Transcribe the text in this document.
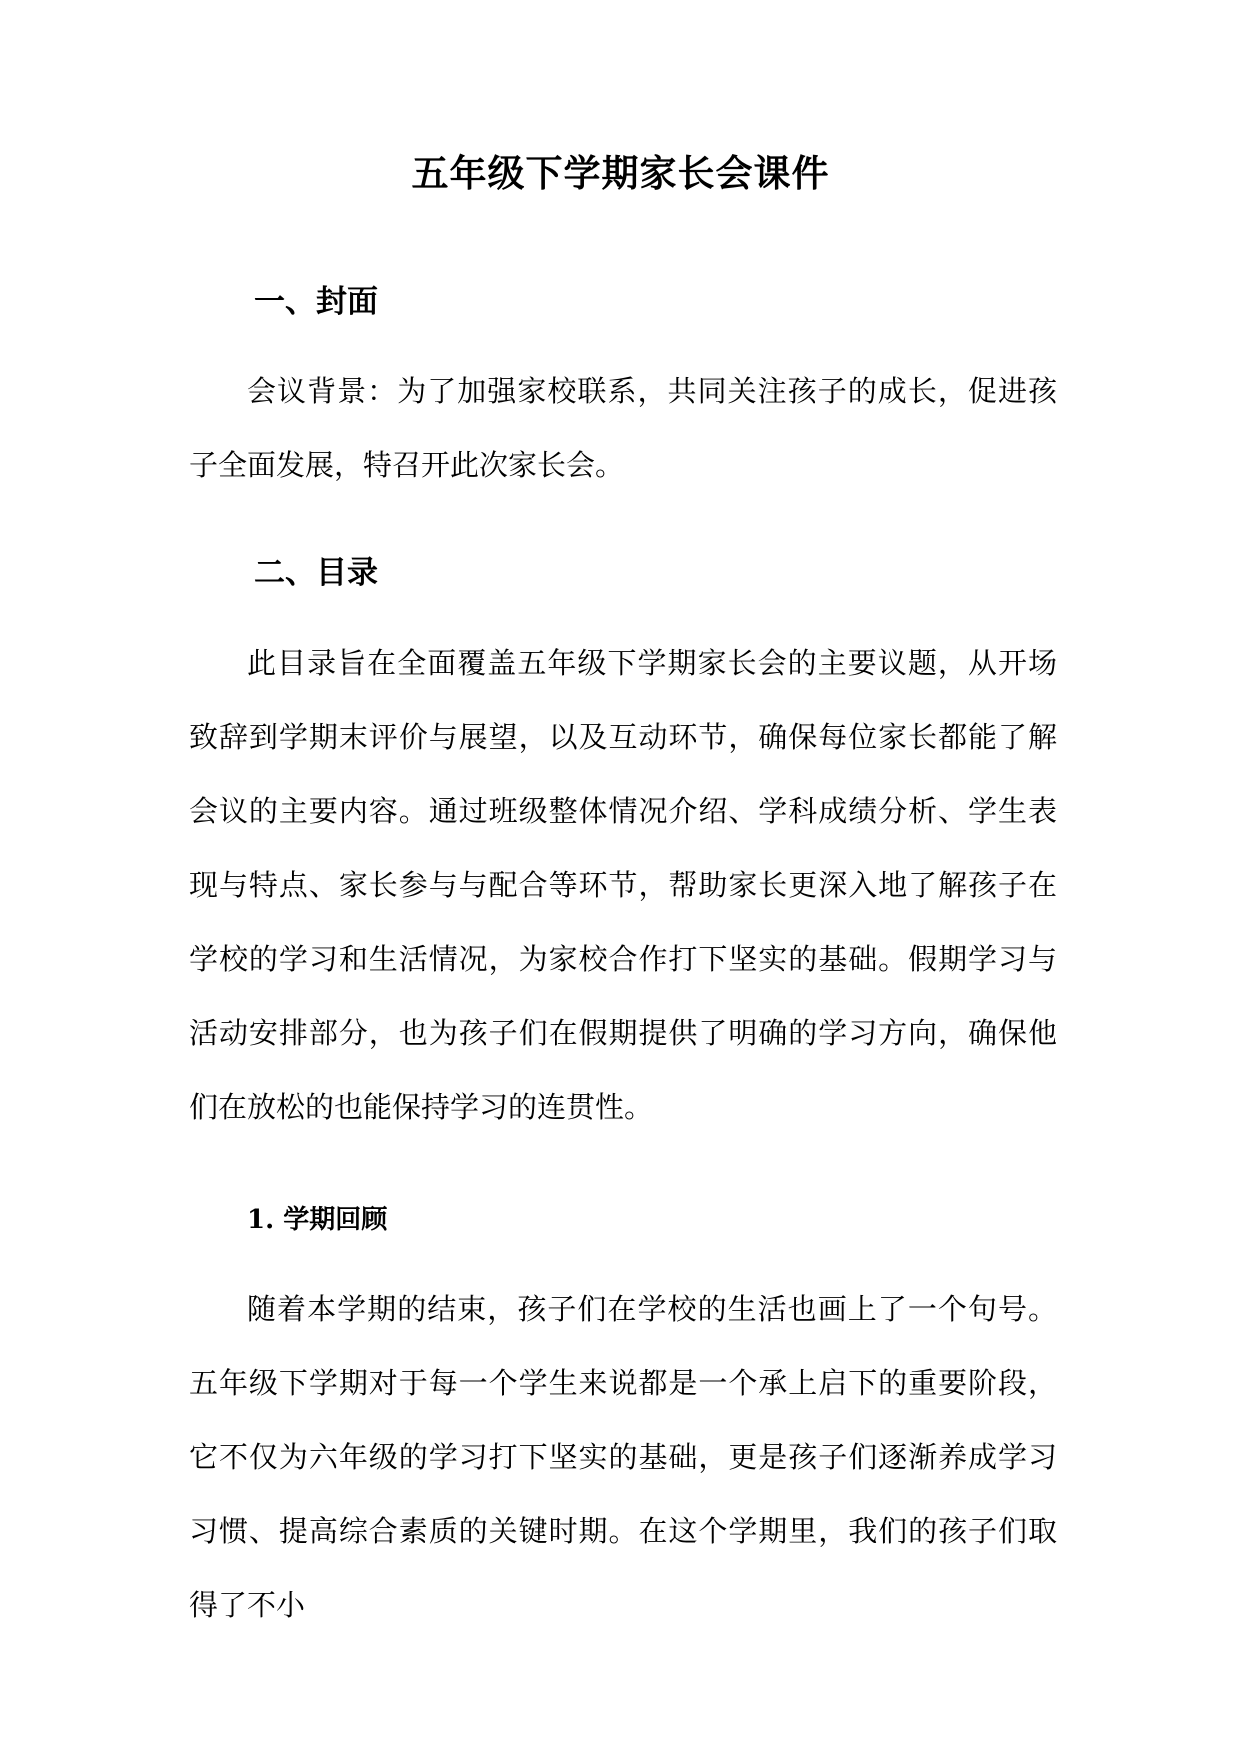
五年级下学期家长会课件
一、封面

会议背景：为了加强家校联系，共同关注孩子的成长，促进孩子全面发展，特召开此次家长会。

二、目录

此目录旨在全面覆盖五年级下学期家长会的主要议题，从开场致辞到学期末评价与展望，以及互动环节，确保每位家长都能了解会议的主要内容。通过班级整体情况介绍、学科成绩分析、学生表现与特点、家长参与与配合等环节，帮助家长更深入地了解孩子在学校的学习和生活情况，为家校合作打下坚实的基础。假期学习与活动安排部分，也为孩子们在假期提供了明确的学习方向，确保他们在放松的也能保持学习的连贯性。

1. 学期回顾

随着本学期的结束，孩子们在学校的生活也画上了一个句号。五年级下学期对于每一个学生来说都是一个承上启下的重要阶段，它不仅为六年级的学习打下坚实的基础，更是孩子们逐渐养成学习习惯、提高综合素质的关键时期。在这个学期里，我们的孩子们取得了不小
